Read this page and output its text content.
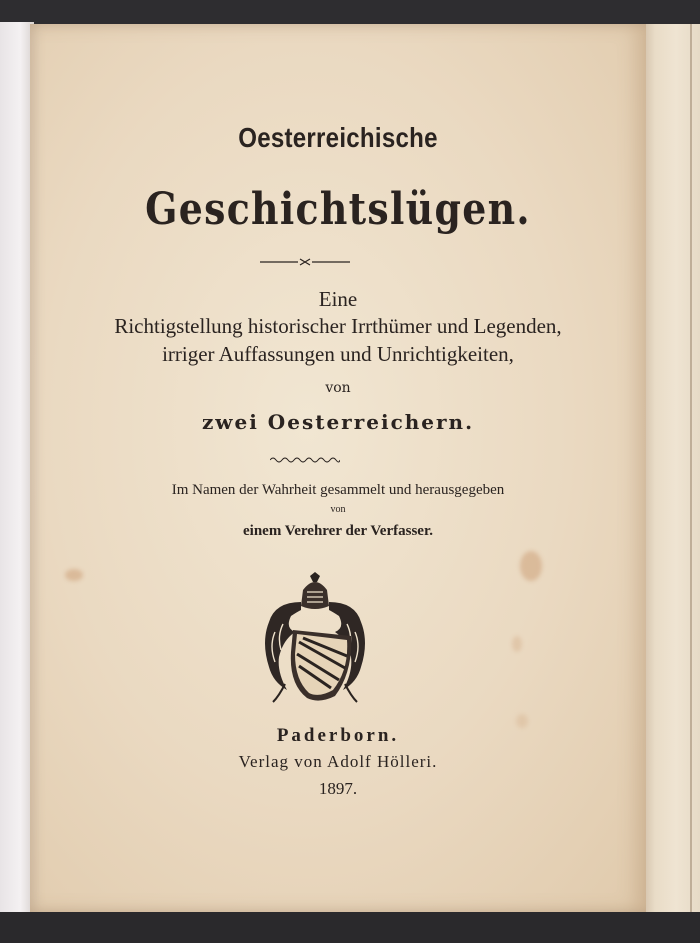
Oesterreichische
Geschichtslügen.
Eine
Richtigstellung historischer Irrthümer und Legenden,
irriger Auffassungen und Unrichtigkeiten,
von
zwei Oesterreichern.
Im Namen der Wahrheit gesammelt und herausgegeben
von
einem Verehrer der Verfasser.
Paderborn.
Verlag von Adolf Hölleri.
1897.
